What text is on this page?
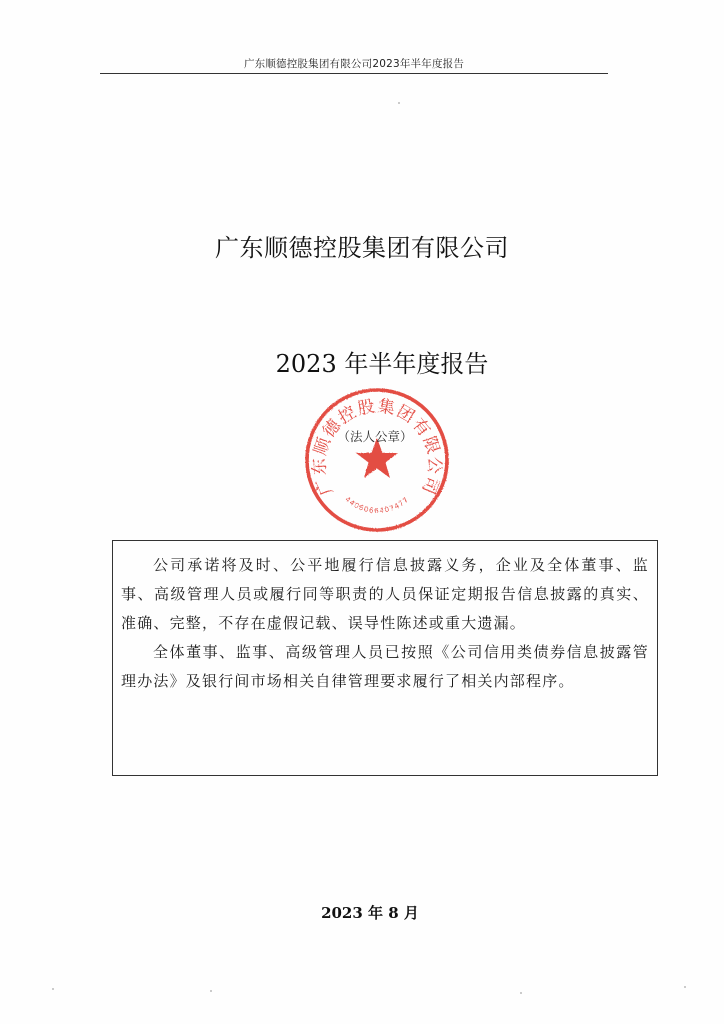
广东顺德控股集团有限公司2023年半年度报告
广东顺德控股集团有限公司
2023 年半年度报告
广东顺德控股集团有限公司
4406066407477
（法人公章）

公司承诺将及时、公平地履行信息披露义务，企业及全体董事、监事、高级管理人员或履行同等职责的人员保证定期报告信息披露的真实、准确、完整，不存在虚假记载、误导性陈述或重大遗漏。

全体董事、监事、高级管理人员已按照《公司信用类债券信息披露管理办法》及银行间市场相关自律管理要求履行了相关内部程序。

2023 年 8 月
